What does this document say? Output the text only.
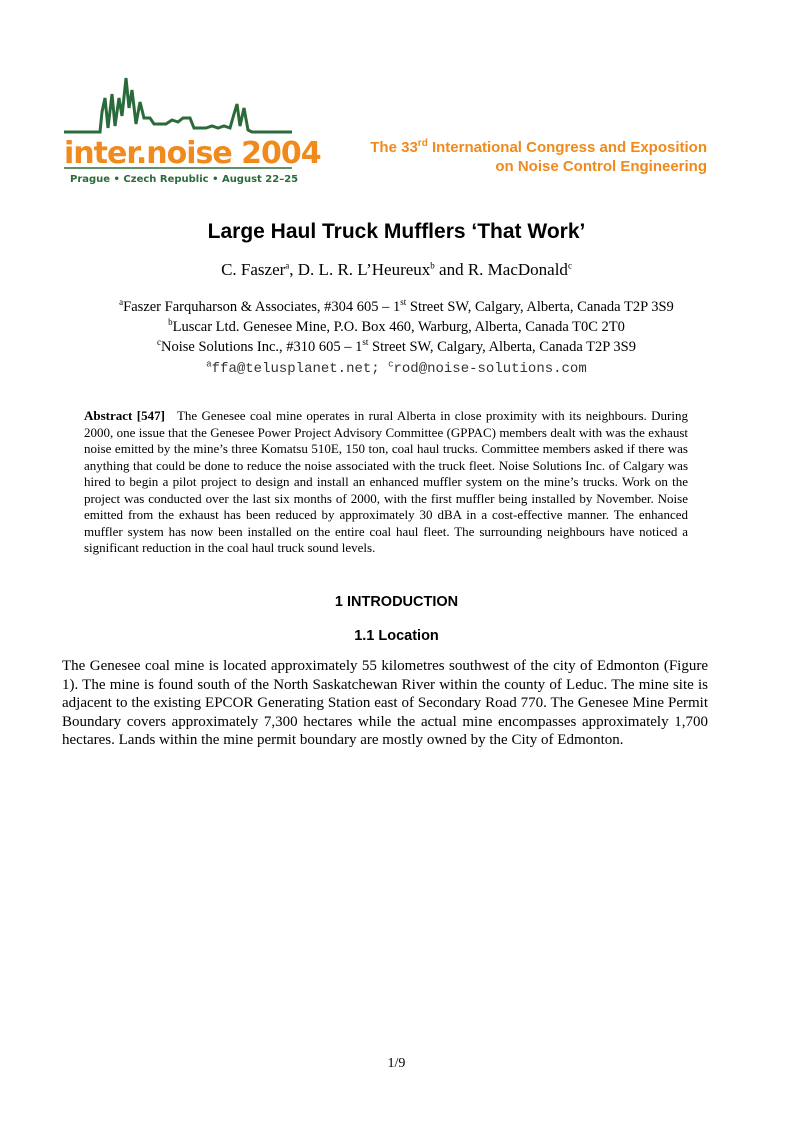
inter.noise 2004
Prague • Czech Republic • August 22–25
The 33rd International Congress and Exposition
on Noise Control Engineering
Large Haul Truck Mufflers ‘That Work’
C. Faszer$^a$, D. L. R. L’Heureux$^b$ and R. MacDonald$^c$
$^a$Faszer Farquharson & Associates, #304 605 – 1st Street SW, Calgary, Alberta, Canada T2P 3S9
$^b$Luscar Ltd. Genesee Mine, P.O. Box 460, Warburg, Alberta, Canada T0C 2T0
$^c$Noise Solutions Inc., #310 605 – 1st Street SW, Calgary, Alberta, Canada T2P 3S9
$^a$ffa@telusplanet.net; $^c$rod@noise-solutions.com
Abstract [547] The Genesee coal mine operates in rural Alberta in close proximity with its neighbours. During 2000, one issue that the Genesee Power Project Advisory Committee (GPPAC) members dealt with was the exhaust noise emitted by the mine’s three Komatsu 510E, 150 ton, coal haul trucks. Committee members asked if there was anything that could be done to reduce the noise associated with the truck fleet. Noise Solutions Inc. of Calgary was hired to begin a pilot project to design and install an enhanced muffler system on the mine’s trucks. Work on the project was conducted over the last six months of 2000, with the first muffler being installed by November. Noise emitted from the exhaust has been reduced by approximately 30 dBA in a cost-effective manner. The enhanced muffler system has now been installed on the entire coal haul fleet. The surrounding neighbours have noticed a significant reduction in the coal haul truck sound levels.
1 INTRODUCTION
1.1 Location
The Genesee coal mine is located approximately 55 kilometres southwest of the city of Edmonton (Figure 1). The mine is found south of the North Saskatchewan River within the county of Leduc. The mine site is adjacent to the existing EPCOR Generating Station east of Secondary Road 770. The Genesee Mine Permit Boundary covers approximately 7,300 hectares while the actual mine encompasses approximately 1,700 hectares. Lands within the mine permit boundary are mostly owned by the City of Edmonton.
1/9
